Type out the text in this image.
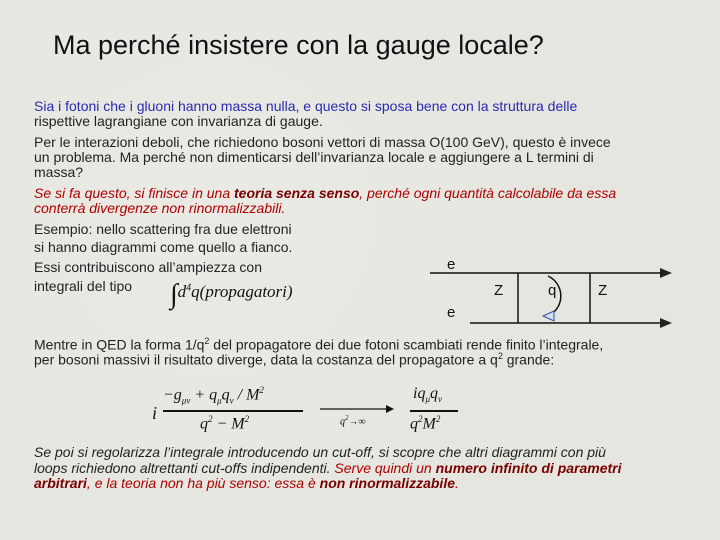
Ma perché insistere con la gauge locale?
Sia i fotoni che i gluoni hanno massa nulla, e questo si sposa bene con la struttura delle
rispettive lagrangiane con invarianza di gauge.
Per le interazioni deboli, che richiedono bosoni vettori di massa O(100 GeV), questo è invece
un problema. Ma perché non dimenticarsi dell’invarianza locale e aggiungere a L termini di
massa?
Se si fa questo, si finisce in una teoria senza senso, perché ogni quantità calcolabile da essa
conterrà divergenze non rinormalizzabili.
Esempio: nello scattering fra due elettroni
si hanno diagrammi come quello a fianco.
Essi contribuiscono all’ampiezza con
integrali del tipo $\int d^4q(propagatori)$
e
e
Z	q	Z
Mentre in QED la forma $1/q^2$ del propagatore dei due fotoni scambiati rende finito l’integrale,
per bosoni massivi il risultato diverge, data la costanza del propagatore a $q^2$ grande:
i
$-g_{\mu\nu} + q_\mu q_\nu / M^2$
$q^2 - M^2$	$q^2\to\infty$
$iq_\mu q_\nu$
$q^2M^2$
Se poi si regolarizza l’integrale introducendo un cut-off, si scopre che altri diagrammi con più
loops richiedono altrettanti cut-offs indipendenti. Serve quindi un numero infinito di parametri
arbitrari, e la teoria non ha più senso: essa è non rinormalizzabile.
